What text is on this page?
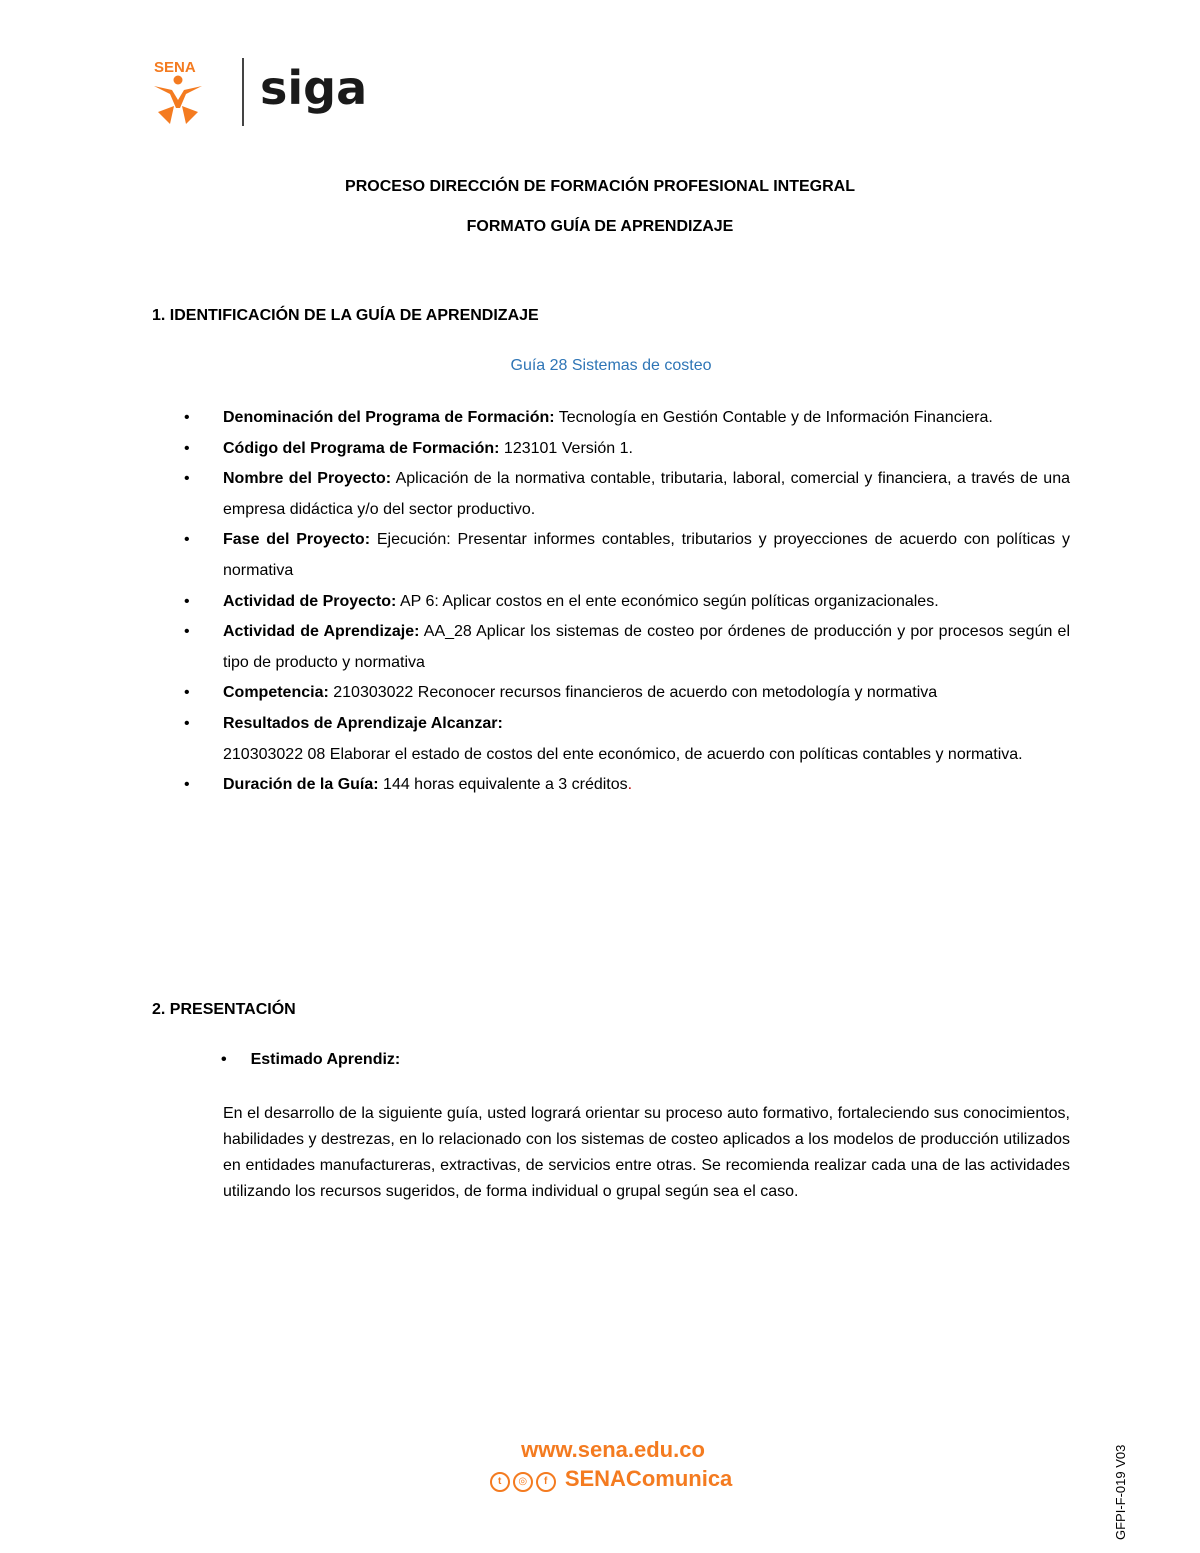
SENA siga
PROCESO DIRECCIÓN DE FORMACIÓN PROFESIONAL INTEGRAL
FORMATO GUÍA DE APRENDIZAJE
1. IDENTIFICACIÓN DE LA GUÍA DE APRENDIZAJE
Guía 28 Sistemas de costeo
• Denominación del Programa de Formación: Tecnología en Gestión Contable y de Información Financiera.
• Código del Programa de Formación: 123101 Versión 1.
• Nombre del Proyecto: Aplicación de la normativa contable, tributaria, laboral, comercial y financiera, a través de una empresa didáctica y/o del sector productivo.
• Fase del Proyecto: Ejecución: Presentar informes contables, tributarios y proyecciones de acuerdo con políticas y normativa
• Actividad de Proyecto: AP 6: Aplicar costos en el ente económico según políticas organizacionales.
• Actividad de Aprendizaje: AA_28 Aplicar los sistemas de costeo por órdenes de producción y por procesos según el tipo de producto y normativa
• Competencia: 210303022 Reconocer recursos financieros de acuerdo con metodología y normativa
• Resultados de Aprendizaje Alcanzar:
210303022 08 Elaborar el estado de costos del ente económico, de acuerdo con políticas contables y normativa.
• Duración de la Guía: 144 horas equivalente a 3 créditos.
2. PRESENTACIÓN
• Estimado Aprendiz:
En el desarrollo de la siguiente guía, usted logrará orientar su proceso auto formativo, fortaleciendo sus conocimientos, habilidades y destrezas, en lo relacionado con los sistemas de costeo aplicados a los modelos de producción utilizados en entidades manufactureras, extractivas, de servicios entre otras. Se recomienda realizar cada una de las actividades utilizando los recursos sugeridos, de forma individual o grupal según sea el caso.
www.sena.edu.co
t ◎ f SENAComunica	GFPI-F-019 V03
